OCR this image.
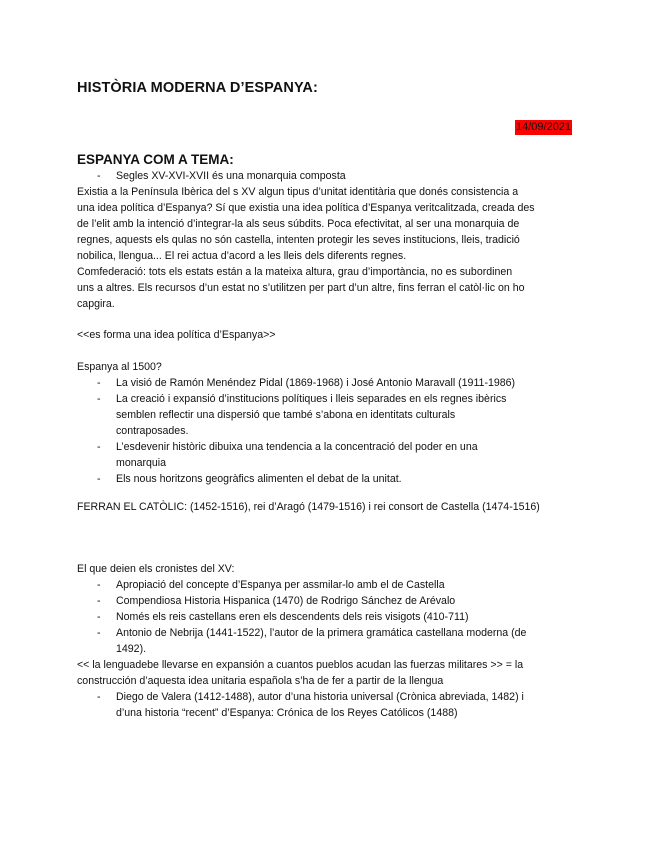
HISTÒRIA MODERNA D’ESPANYA:
14/09/2021
ESPANYA COM A TEMA:
- Segles XV-XVI-XVII és una monarquia composta
Existia a la Península Ibèrica del s XV algun tipus d’unitat identitària que donés consistencia a
una idea política d’Espanya? Sí que existia una idea política d’Espanya veritcalitzada, creada des
de l’elit amb la intenció d’integrar-la als seus súbdits. Poca efectivitat, al ser una monarquia de
regnes, aquests els qulas no són castella, intenten protegir les seves institucions, lleis, tradició
nobilica, llengua... El rei actua d’acord a les lleis dels diferents regnes.
Comfederació: tots els estats están a la mateixa altura, grau d’importància, no es subordinen
uns a altres. Els recursos d’un estat no s’utilitzen per part d’un altre, fins ferran el catòl·lic on ho
capgira.
<<es forma una idea política d’Espanya>>
Espanya al 1500?
- La visió de Ramón Menéndez Pidal (1869-1968) i José Antonio Maravall (1911-1986)
- La creació i expansió d’institucions polítiques i lleis separades en els regnes ibèrics
semblen reflectir una dispersió que també s’abona en identitats culturals
contraposades.
- L’esdevenir històric dibuixa una tendencia a la concentració del poder en una
monarquia
- Els nous horitzons geogràfics alimenten el debat de la unitat.
FERRAN EL CATÒLIC: (1452-1516), rei d’Aragó (1479-1516) i rei consort de Castella (1474-1516)
El que deien els cronistes del XV:
- Apropiació del concepte d’Espanya per assmilar-lo amb el de Castella
- Compendiosa Historia Hispanica (1470) de Rodrigo Sánchez de Arévalo
- Només els reis castellans eren els descendents dels reis visigots (410-711)
- Antonio de Nebrija (1441-1522), l’autor de la primera gramática castellana moderna (de
1492).
<< la lenguadebe llevarse en expansión a cuantos pueblos acudan las fuerzas militares >> = la
construcción d’aquesta idea unitaria española s’ha de fer a partir de la llengua
- Diego de Valera (1412-1488), autor d’una historia universal (Crònica abreviada, 1482) i
d’una historia “recent” d’Espanya: Crónica de los Reyes Católicos (1488)
